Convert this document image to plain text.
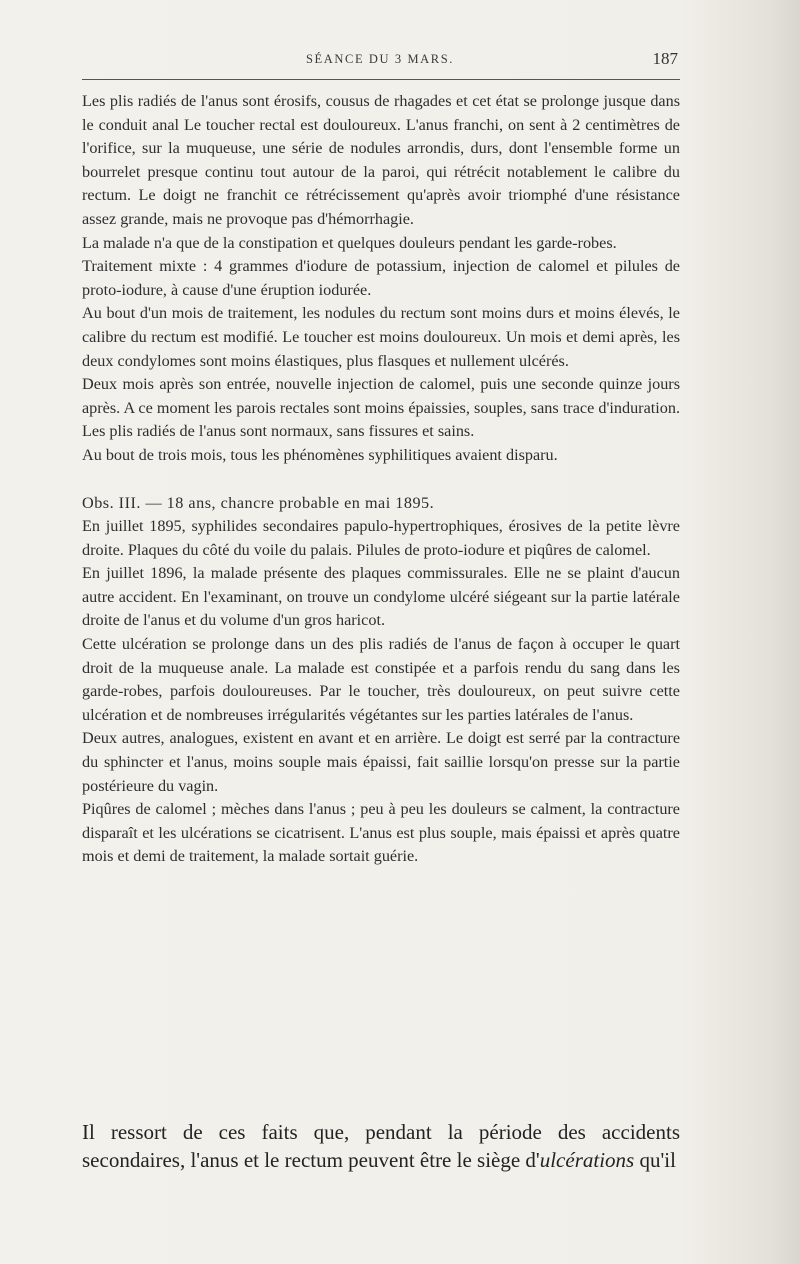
SÉANCE DU 3 MARS.	187

Les plis radiés de l'anus sont érosifs, cousus de rhagades et cet état se prolonge jusque dans le conduit anal Le toucher rectal est douloureux. L'anus franchi, on sent à 2 centimètres de l'orifice, sur la muqueuse, une série de nodules arrondis, durs, dont l'ensemble forme un bourrelet presque continu tout autour de la paroi, qui rétrécit notablement le calibre du rectum. Le doigt ne franchit ce rétrécissement qu'après avoir triomphé d'une résistance assez grande, mais ne provoque pas d'hémorrhagie.

La malade n'a que de la constipation et quelques douleurs pendant les garde-robes.

Traitement mixte : 4 grammes d'iodure de potassium, injection de calomel et pilules de proto-iodure, à cause d'une éruption iodurée.

Au bout d'un mois de traitement, les nodules du rectum sont moins durs et moins élevés, le calibre du rectum est modifié. Le toucher est moins douloureux. Un mois et demi après, les deux condylomes sont moins élastiques, plus flasques et nullement ulcérés.

Deux mois après son entrée, nouvelle injection de calomel, puis une seconde quinze jours après. A ce moment les parois rectales sont moins épaissies, souples, sans trace d'induration. Les plis radiés de l'anus sont normaux, sans fissures et sains.

Au bout de trois mois, tous les phénomènes syphilitiques avaient disparu.

Obs. III. — 18 ans, chancre probable en mai 1895.

En juillet 1895, syphilides secondaires papulo-hypertrophiques, érosives de la petite lèvre droite. Plaques du côté du voile du palais. Pilules de proto-iodure et piqûres de calomel.

En juillet 1896, la malade présente des plaques commissurales. Elle ne se plaint d'aucun autre accident. En l'examinant, on trouve un condylome ulcéré siégeant sur la partie latérale droite de l'anus et du volume d'un gros haricot.

Cette ulcération se prolonge dans un des plis radiés de l'anus de façon à occuper le quart droit de la muqueuse anale. La malade est constipée et a parfois rendu du sang dans les garde-robes, parfois douloureuses. Par le toucher, très douloureux, on peut suivre cette ulcération et de nombreuses irrégularités végétantes sur les parties latérales de l'anus.

Deux autres, analogues, existent en avant et en arrière. Le doigt est serré par la contracture du sphincter et l'anus, moins souple mais épaissi, fait saillie lorsqu'on presse sur la partie postérieure du vagin.

Piqûres de calomel ; mèches dans l'anus ; peu à peu les douleurs se calment, la contracture disparaît et les ulcérations se cicatrisent. L'anus est plus souple, mais épaissi et après quatre mois et demi de traitement, la malade sortait guérie.

Il ressort de ces faits que, pendant la période des accidents secondaires, l'anus et le rectum peuvent être le siège d'ulcérations qu'il
